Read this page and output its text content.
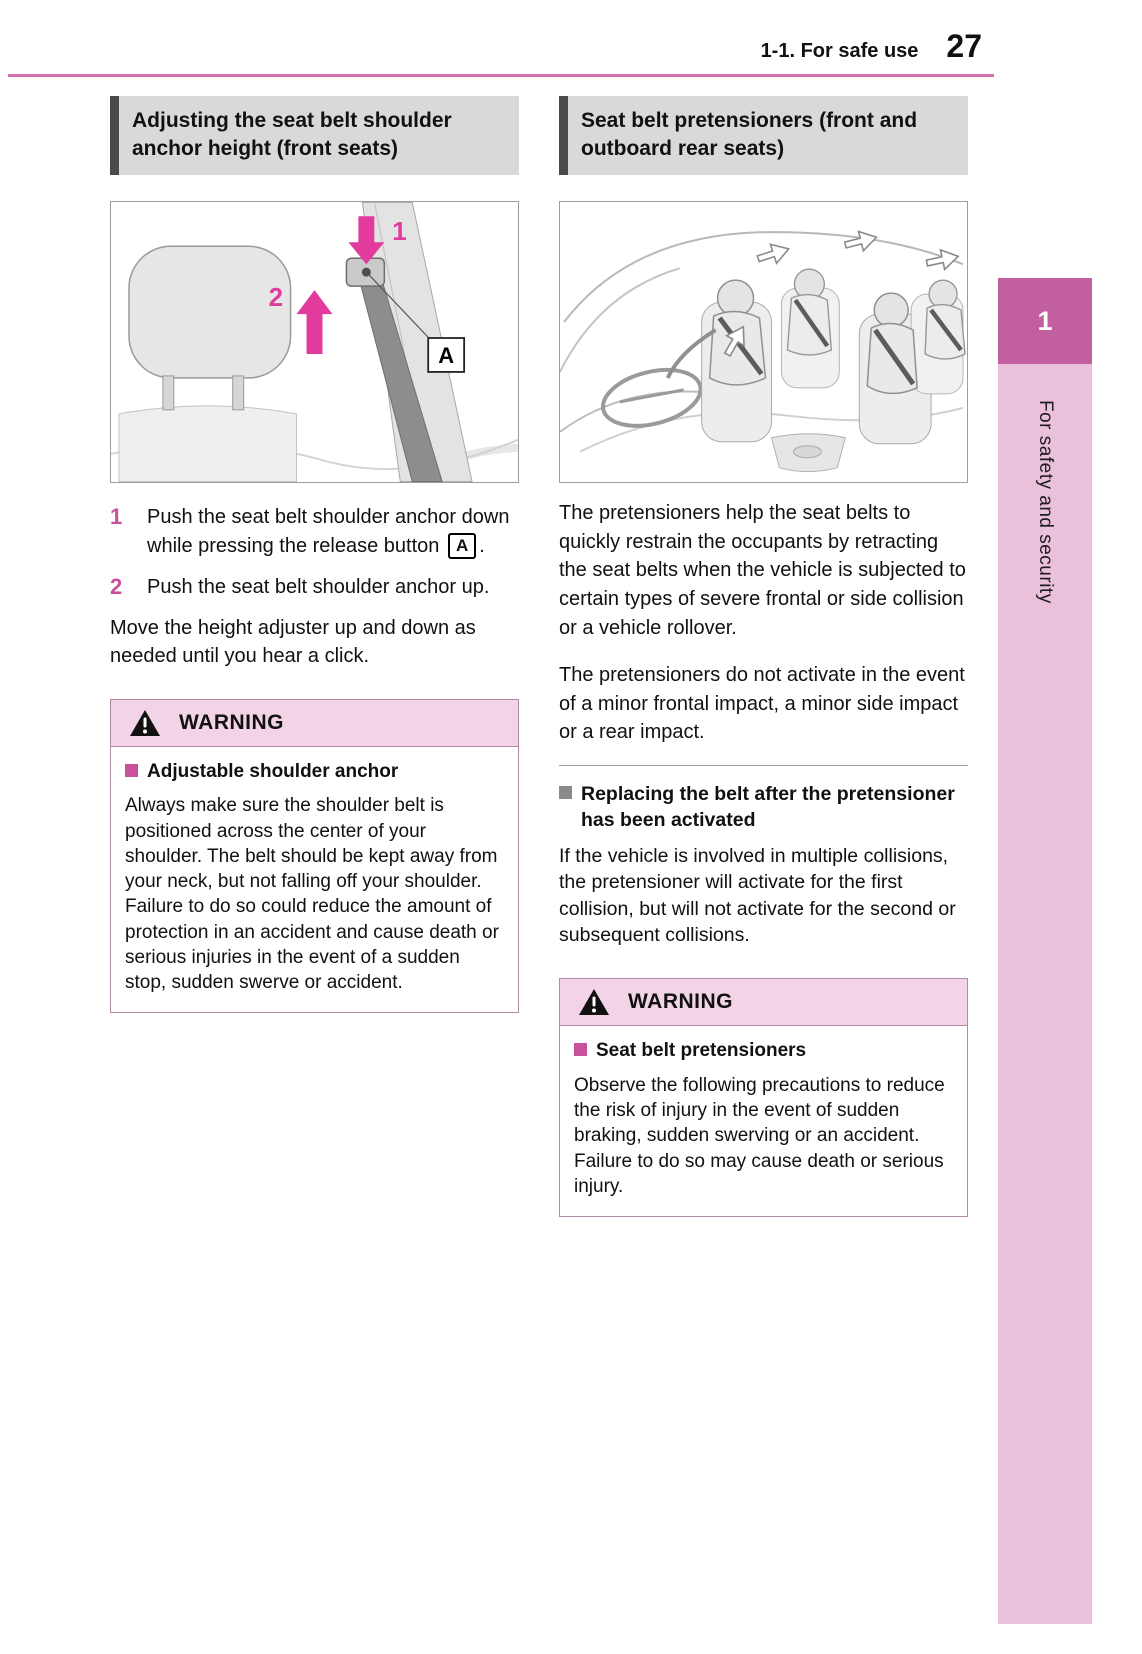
1-1. For safe use 27
1
For safety and security
Adjusting the seat belt shoulder anchor height (front seats)
1
2
A
1	Push the seat belt shoulder anchor down while pressing the release button A .
2	Push the seat belt shoulder anchor up.

Move the height adjuster up and down as needed until you hear a click.

WARNING
Adjustable shoulder anchor
Always make sure the shoulder belt is positioned across the center of your shoulder. The belt should be kept away from your neck, but not falling off your shoulder. Failure to do so could reduce the amount of protection in an accident and cause death or serious injuries in the event of a sudden stop, sudden swerve or accident.
Seat belt pretensioners (front and outboard rear seats)

The pretensioners help the seat belts to quickly restrain the occupants by retracting the seat belts when the vehicle is subjected to certain types of severe frontal or side collision or a vehicle rollover.

The pretensioners do not activate in the event of a minor frontal impact, a minor side impact or a rear impact.

Replacing the belt after the pretensioner has been activated
If the vehicle is involved in multiple collisions, the pretensioner will activate for the first collision, but will not activate for the second or subsequent collisions.
WARNING
Seat belt pretensioners

Observe the following precautions to reduce the risk of injury in the event of sudden braking, sudden swerving or an accident.

Failure to do so may cause death or serious injury.
